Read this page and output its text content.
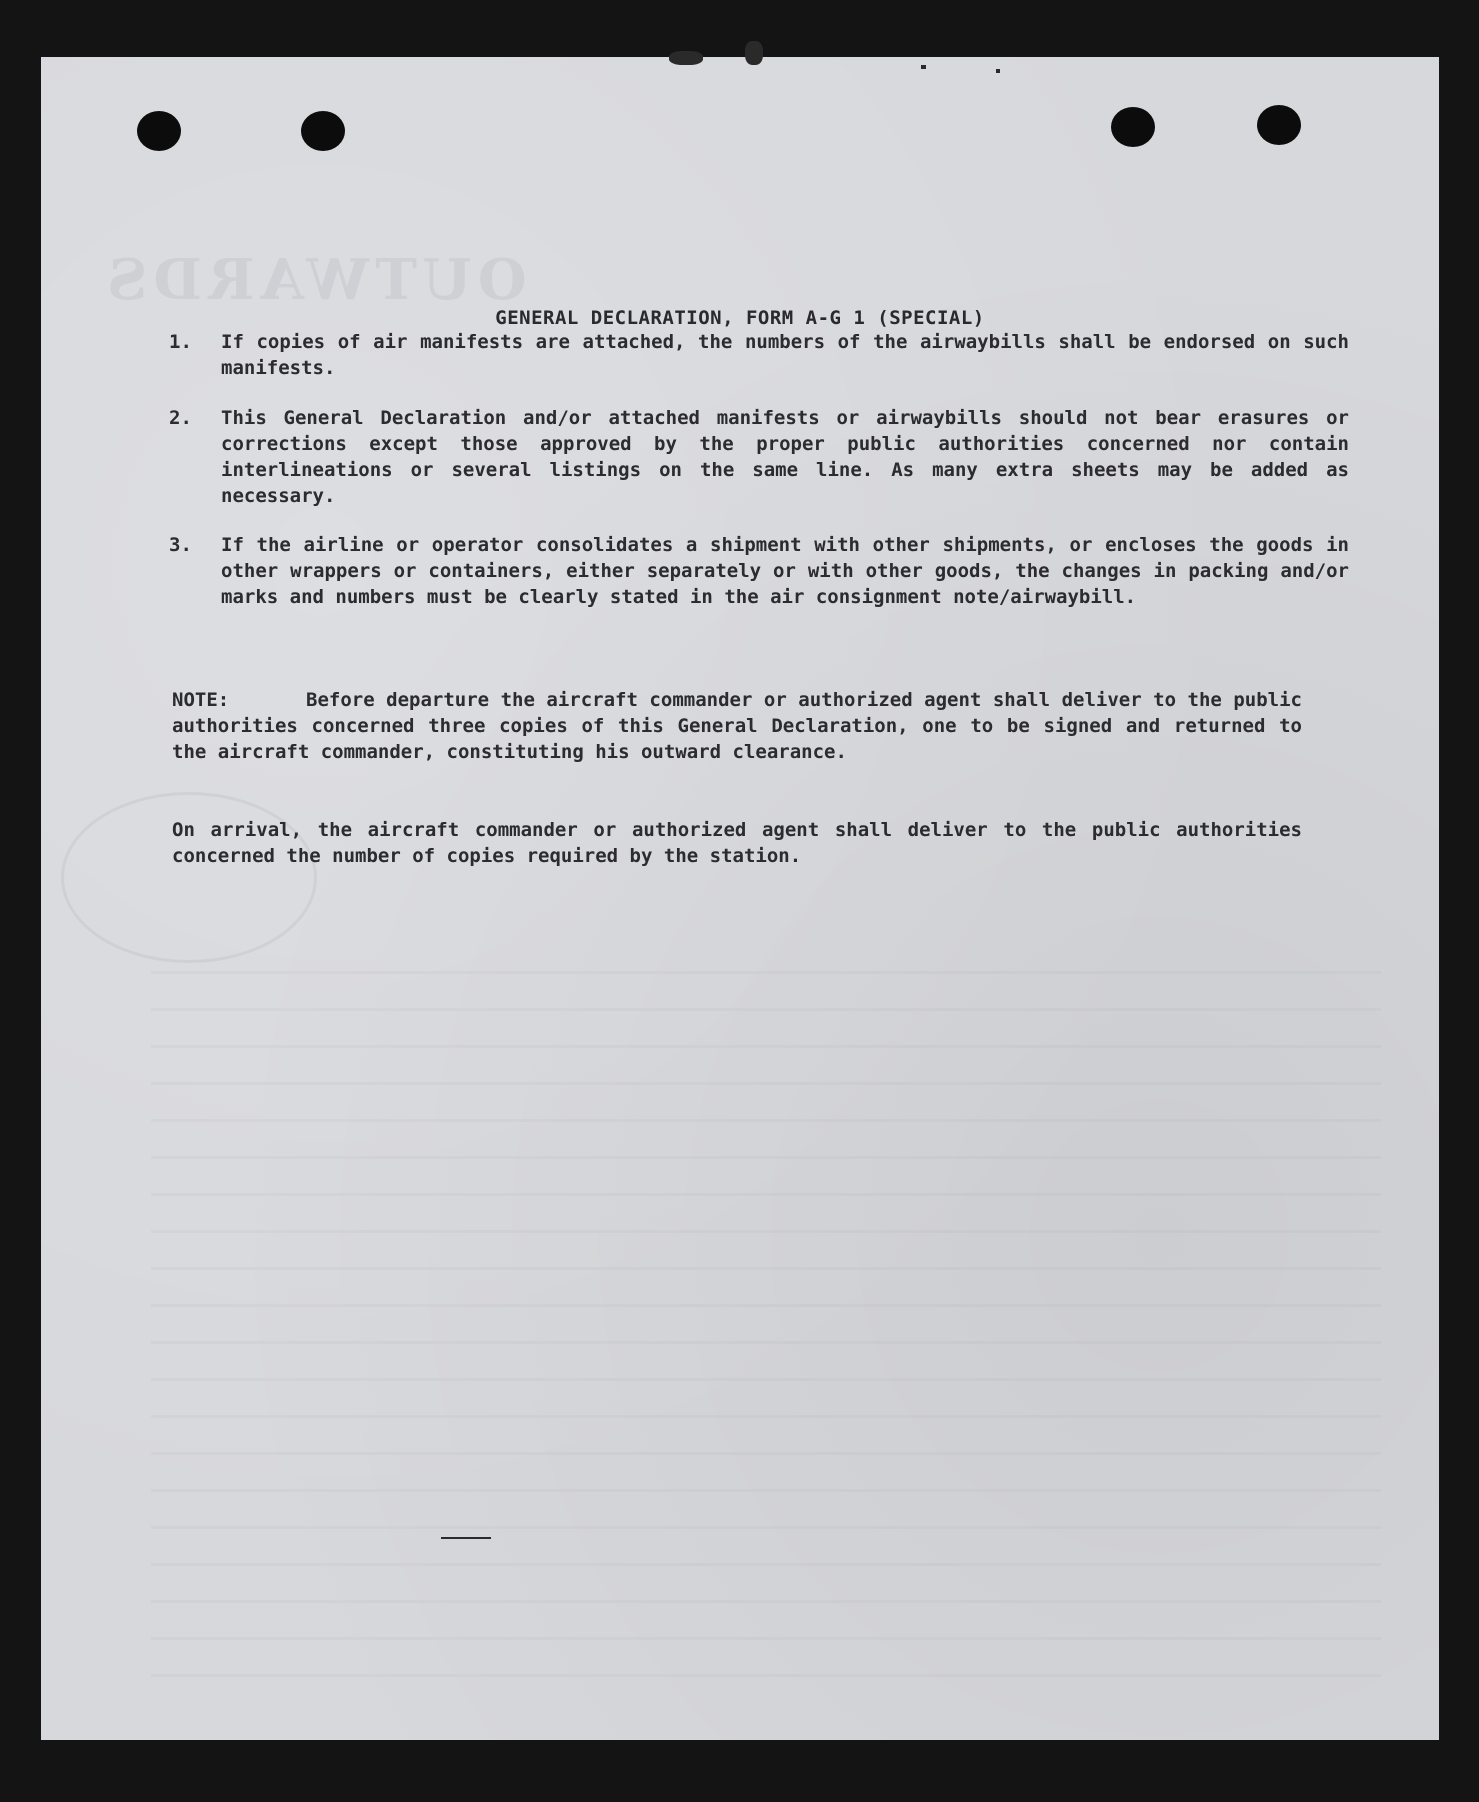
OUTWARDS
GENERAL DECLARATION, FORM A-G 1 (SPECIAL)
1.	If copies of air manifests are attached, the numbers of the airwaybills shall be endorsed on such manifests.
2.	This General Declaration and/or attached manifests or airwaybills should not bear erasures or corrections except those approved by the proper public authorities concerned nor contain interlineations or several listings on the same line. As many extra sheets may be added as necessary.
3.	If the airline or operator consolidates a shipment with other shipments, or encloses the goods in other wrappers or containers, either separately or with other goods, the changes in packing and/or marks and numbers must be clearly stated in the air consignment note/airwaybill.
NOTE:	Before departure the aircraft commander or authorized agent shall deliver to the public authorities concerned three copies of this General Declaration, one to be signed and returned to the aircraft commander, constituting his outward clearance.
On arrival, the aircraft commander or authorized agent shall deliver to the public authorities concerned the number of copies required by the station.
